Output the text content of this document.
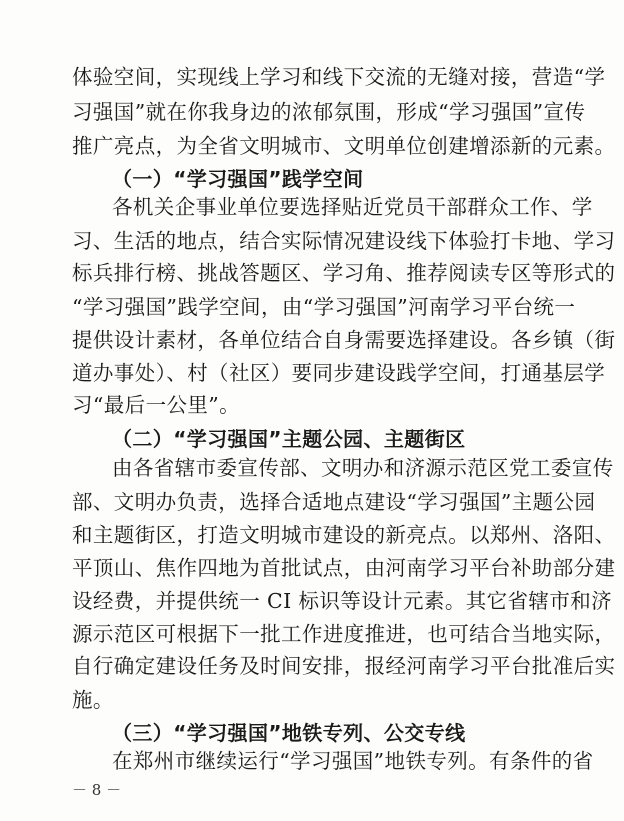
体验空间，实现线上学习和线下交流的无缝对接，营造“学
习强国”就在你我身边的浓郁氛围，形成“学习强国”宣传
推广亮点，为全省文明城市、文明单位创建增添新的元素。
（一）“学习强国”践学空间
各机关企事业单位要选择贴近党员干部群众工作、学
习、生活的地点，结合实际情况建设线下体验打卡地、学习
标兵排行榜、挑战答题区、学习角、推荐阅读专区等形式的
“学习强国”践学空间，由“学习强国”河南学习平台统一
提供设计素材，各单位结合自身需要选择建设。各乡镇（街
道办事处）、村（社区）要同步建设践学空间，打通基层学
习“最后一公里”。
（二）“学习强国”主题公园、主题街区
由各省辖市委宣传部、文明办和济源示范区党工委宣传
部、文明办负责，选择合适地点建设“学习强国”主题公园
和主题街区，打造文明城市建设的新亮点。以郑州、洛阳、
平顶山、焦作四地为首批试点，由河南学习平台补助部分建
设经费，并提供统一 CI 标识等设计元素。其它省辖市和济
源示范区可根据下一批工作进度推进，也可结合当地实际，
自行确定建设任务及时间安排，报经河南学习平台批准后实
施。
（三）“学习强国”地铁专列、公交专线
在郑州市继续运行“学习强国”地铁专列。有条件的省
－ 8 －
